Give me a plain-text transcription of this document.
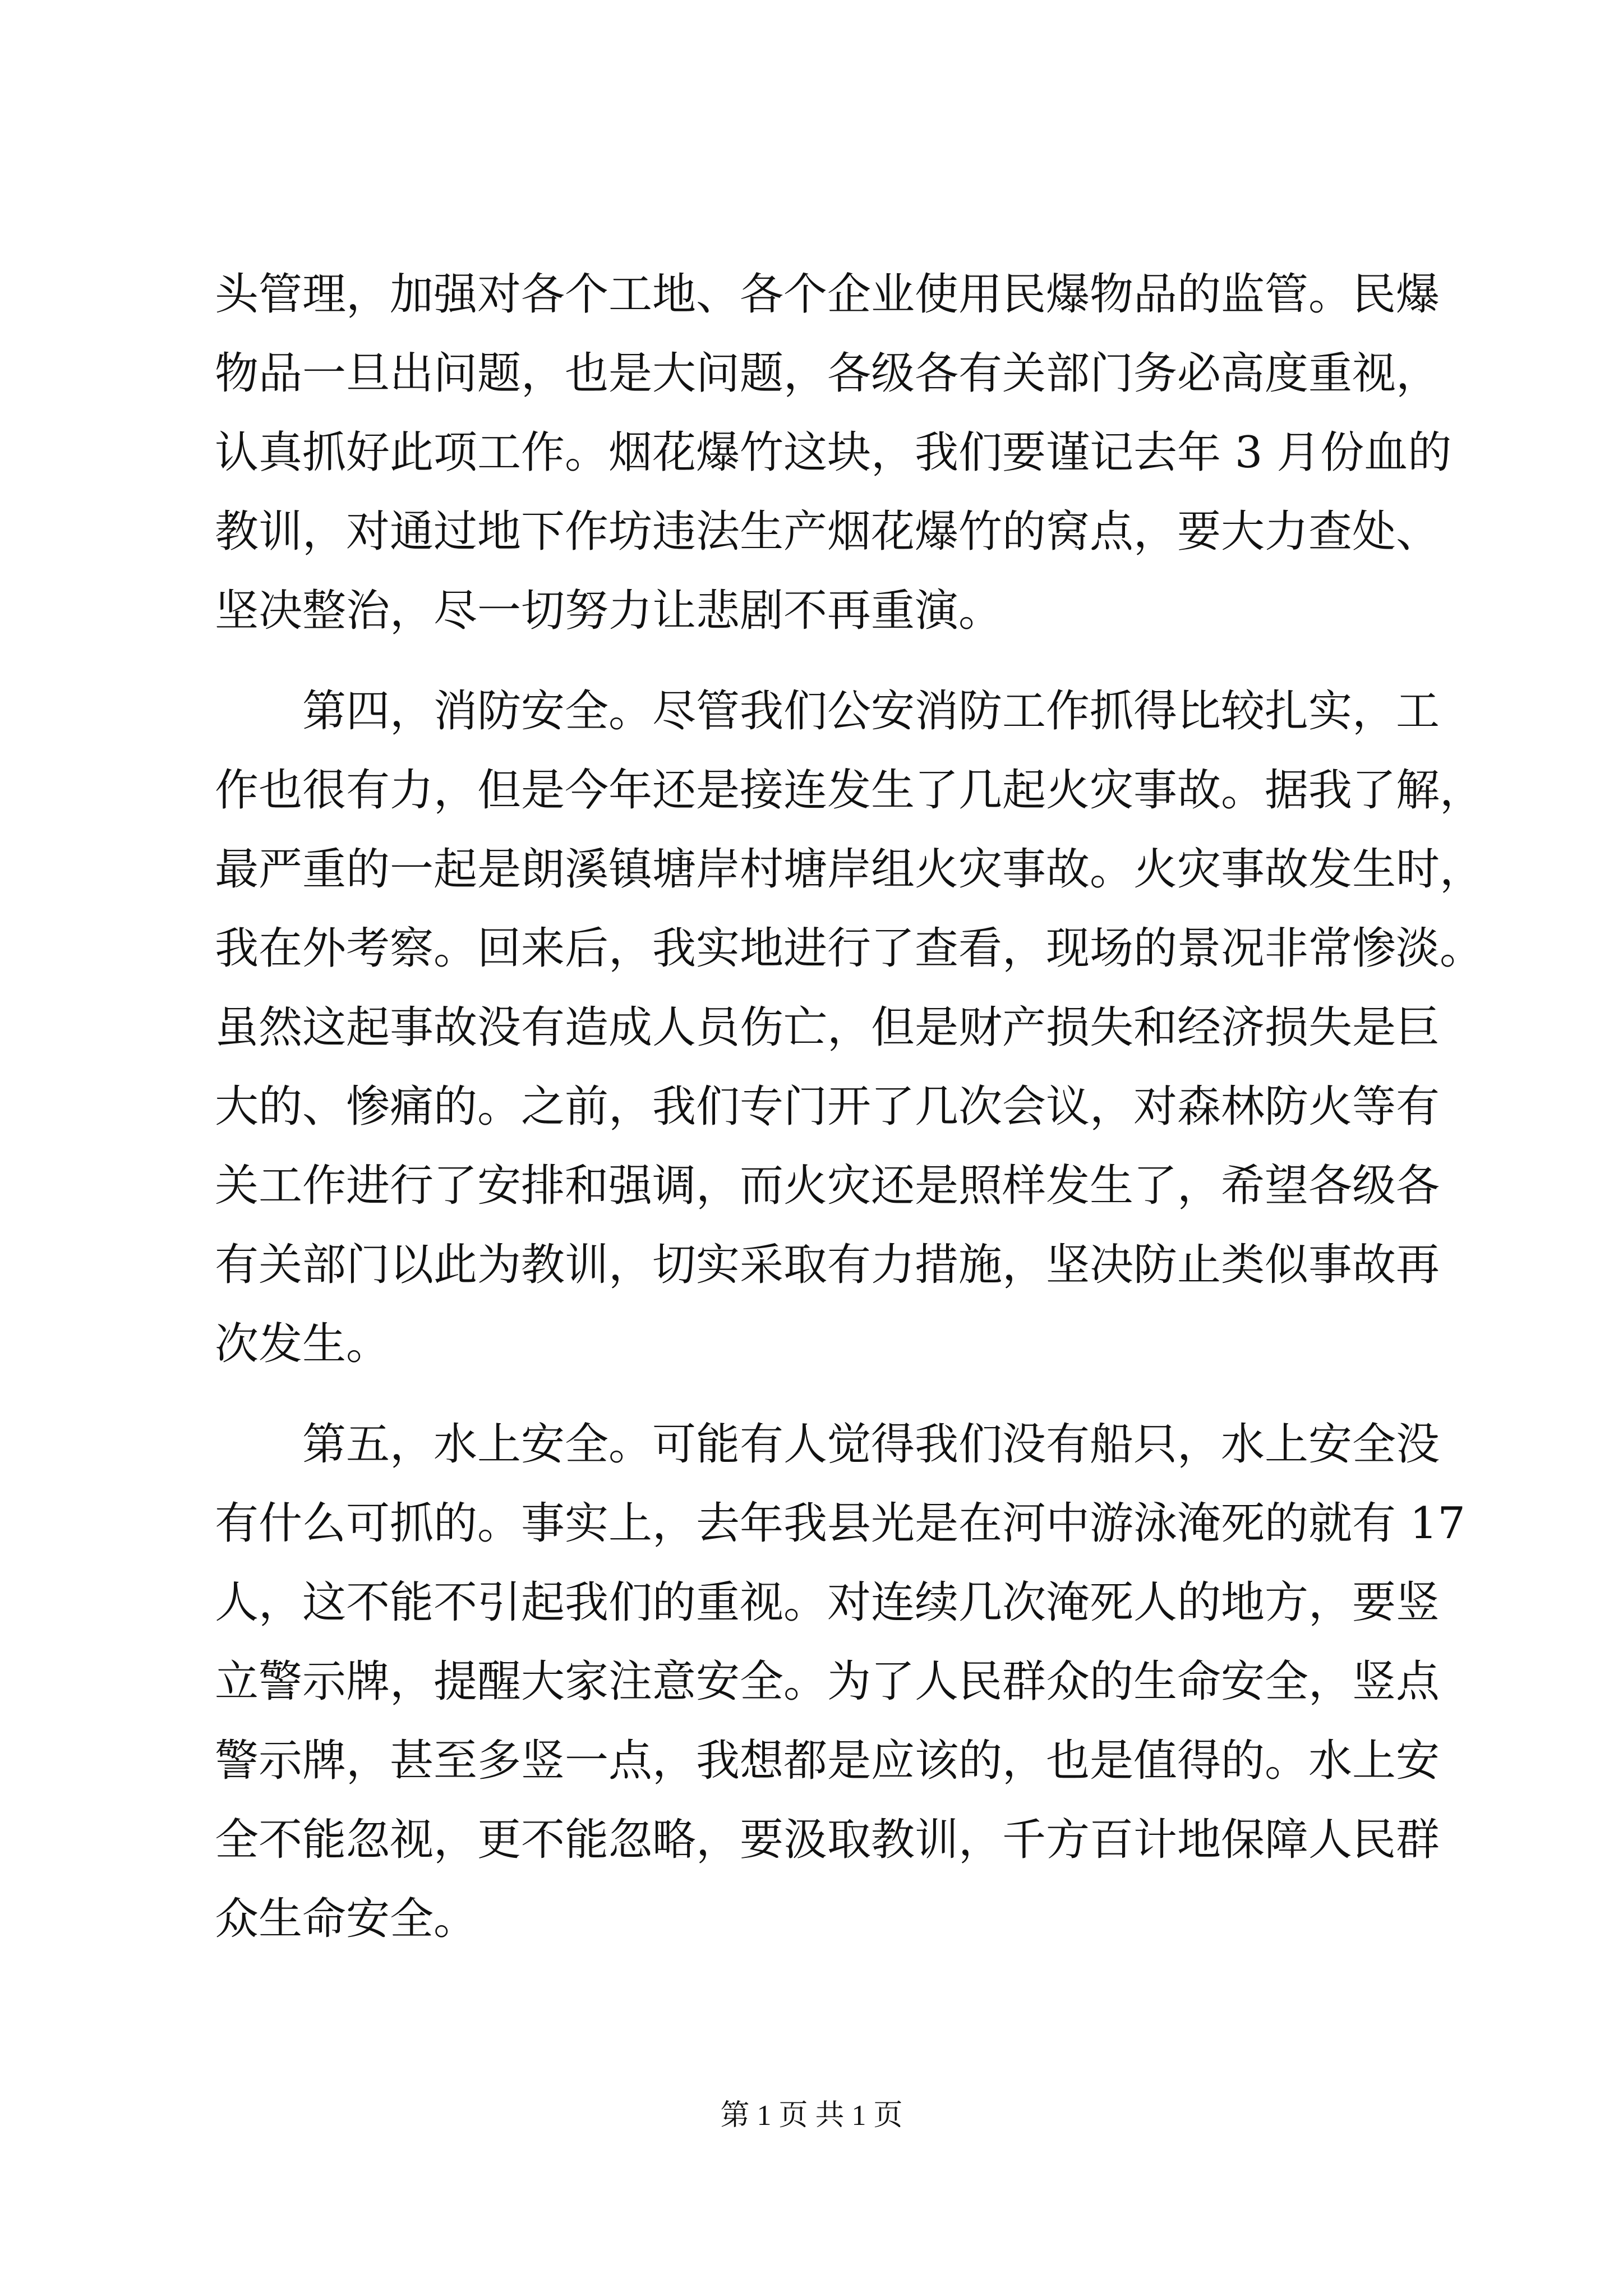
头管理，加强对各个工地、各个企业使用民爆物品的监管。民爆
物品一旦出问题，也是大问题，各级各有关部门务必高度重视，
认真抓好此项工作。烟花爆竹这块，我们要谨记去年 3 月份血的
教训，对通过地下作坊违法生产烟花爆竹的窝点，要大力查处、
坚决整治，尽一切努力让悲剧不再重演。
　　第四，消防安全。尽管我们公安消防工作抓得比较扎实，工
作也很有力，但是今年还是接连发生了几起火灾事故。据我了解，
最严重的一起是朗溪镇塘岸村塘岸组火灾事故。火灾事故发生时，
我在外考察。回来后，我实地进行了查看，现场的景况非常惨淡。
虽然这起事故没有造成人员伤亡，但是财产损失和经济损失是巨
大的、惨痛的。之前，我们专门开了几次会议，对森林防火等有
关工作进行了安排和强调，而火灾还是照样发生了，希望各级各
有关部门以此为教训，切实采取有力措施，坚决防止类似事故再
次发生。
　　第五，水上安全。可能有人觉得我们没有船只，水上安全没
有什么可抓的。事实上，去年我县光是在河中游泳淹死的就有 17
人，这不能不引起我们的重视。对连续几次淹死人的地方，要竖
立警示牌，提醒大家注意安全。为了人民群众的生命安全，竖点
警示牌，甚至多竖一点，我想都是应该的，也是值得的。水上安
全不能忽视，更不能忽略，要汲取教训，千方百计地保障人民群
众生命安全。
第 1 页 共 1 页
